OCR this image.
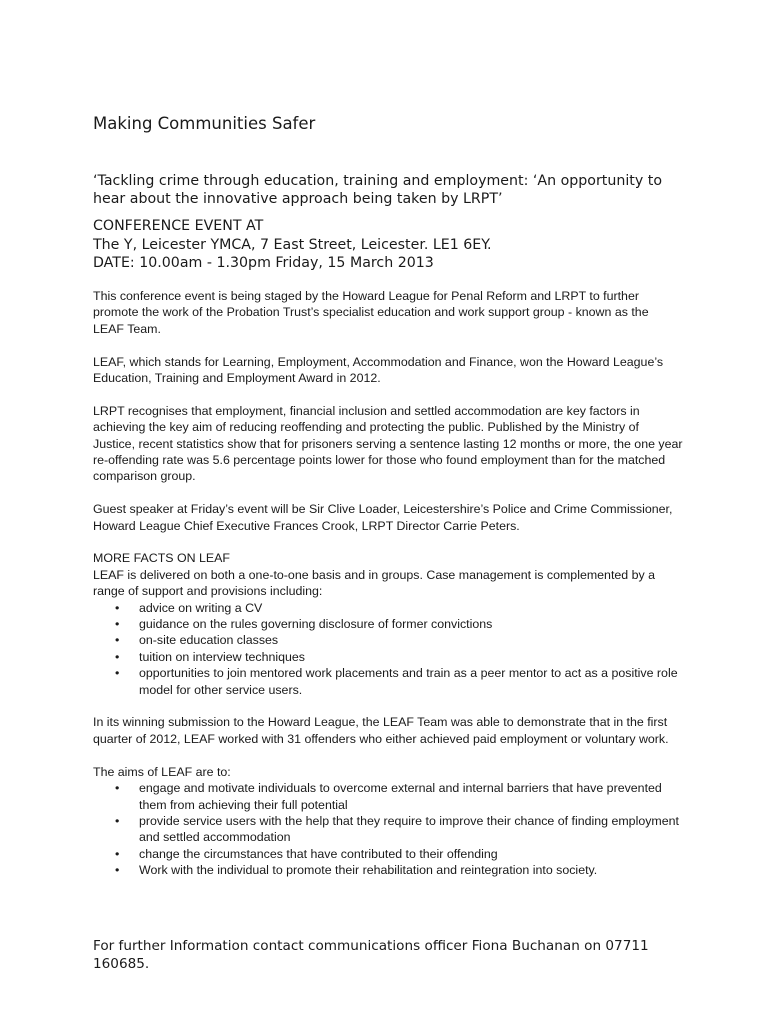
Making Communities Safer

‘Tackling crime through education, training and employment: ‘An opportunity to hear about the innovative approach being taken by LRPT’

CONFERENCE EVENT AT
The Y, Leicester YMCA, 7 East Street, Leicester. LE1 6EY.
DATE: 10.00am - 1.30pm Friday, 15 March 2013

This conference event is being staged by the Howard League for Penal Reform and LRPT to further promote the work of the Probation Trust’s specialist education and work support group - known as the LEAF Team.

LEAF, which stands for Learning, Employment, Accommodation and Finance, won the Howard League’s Education, Training and Employment Award in 2012.

LRPT recognises that employment, financial inclusion and settled accommodation are key factors in achieving the key aim of reducing reoffending and protecting the public. Published by the Ministry of Justice, recent statistics show that for prisoners serving a sentence lasting 12 months or more, the one year re-offending rate was 5.6 percentage points lower for those who found employment than for the matched comparison group.

Guest speaker at Friday’s event will be Sir Clive Loader, Leicestershire’s Police and Crime Commissioner, Howard League Chief Executive Frances Crook, LRPT Director Carrie Peters.

MORE FACTS ON LEAF
LEAF is delivered on both a one-to-one basis and in groups. Case management is complemented by a range of support and provisions including:
• advice on writing a CV
• guidance on the rules governing disclosure of former convictions
• on-site education classes
• tuition on interview techniques
• opportunities to join mentored work placements and train as a peer mentor to act as a positive role model for other service users.

In its winning submission to the Howard League, the LEAF Team was able to demonstrate that in the first quarter of 2012, LEAF worked with 31 offenders who either achieved paid employment or voluntary work.

The aims of LEAF are to:
• engage and motivate individuals to overcome external and internal barriers that have prevented them from achieving their full potential
• provide service users with the help that they require to improve their chance of finding employment and settled accommodation
• change the circumstances that have contributed to their offending
• Work with the individual to promote their rehabilitation and reintegration into society.

For further Information contact communications officer Fiona Buchanan on 07711 160685.
